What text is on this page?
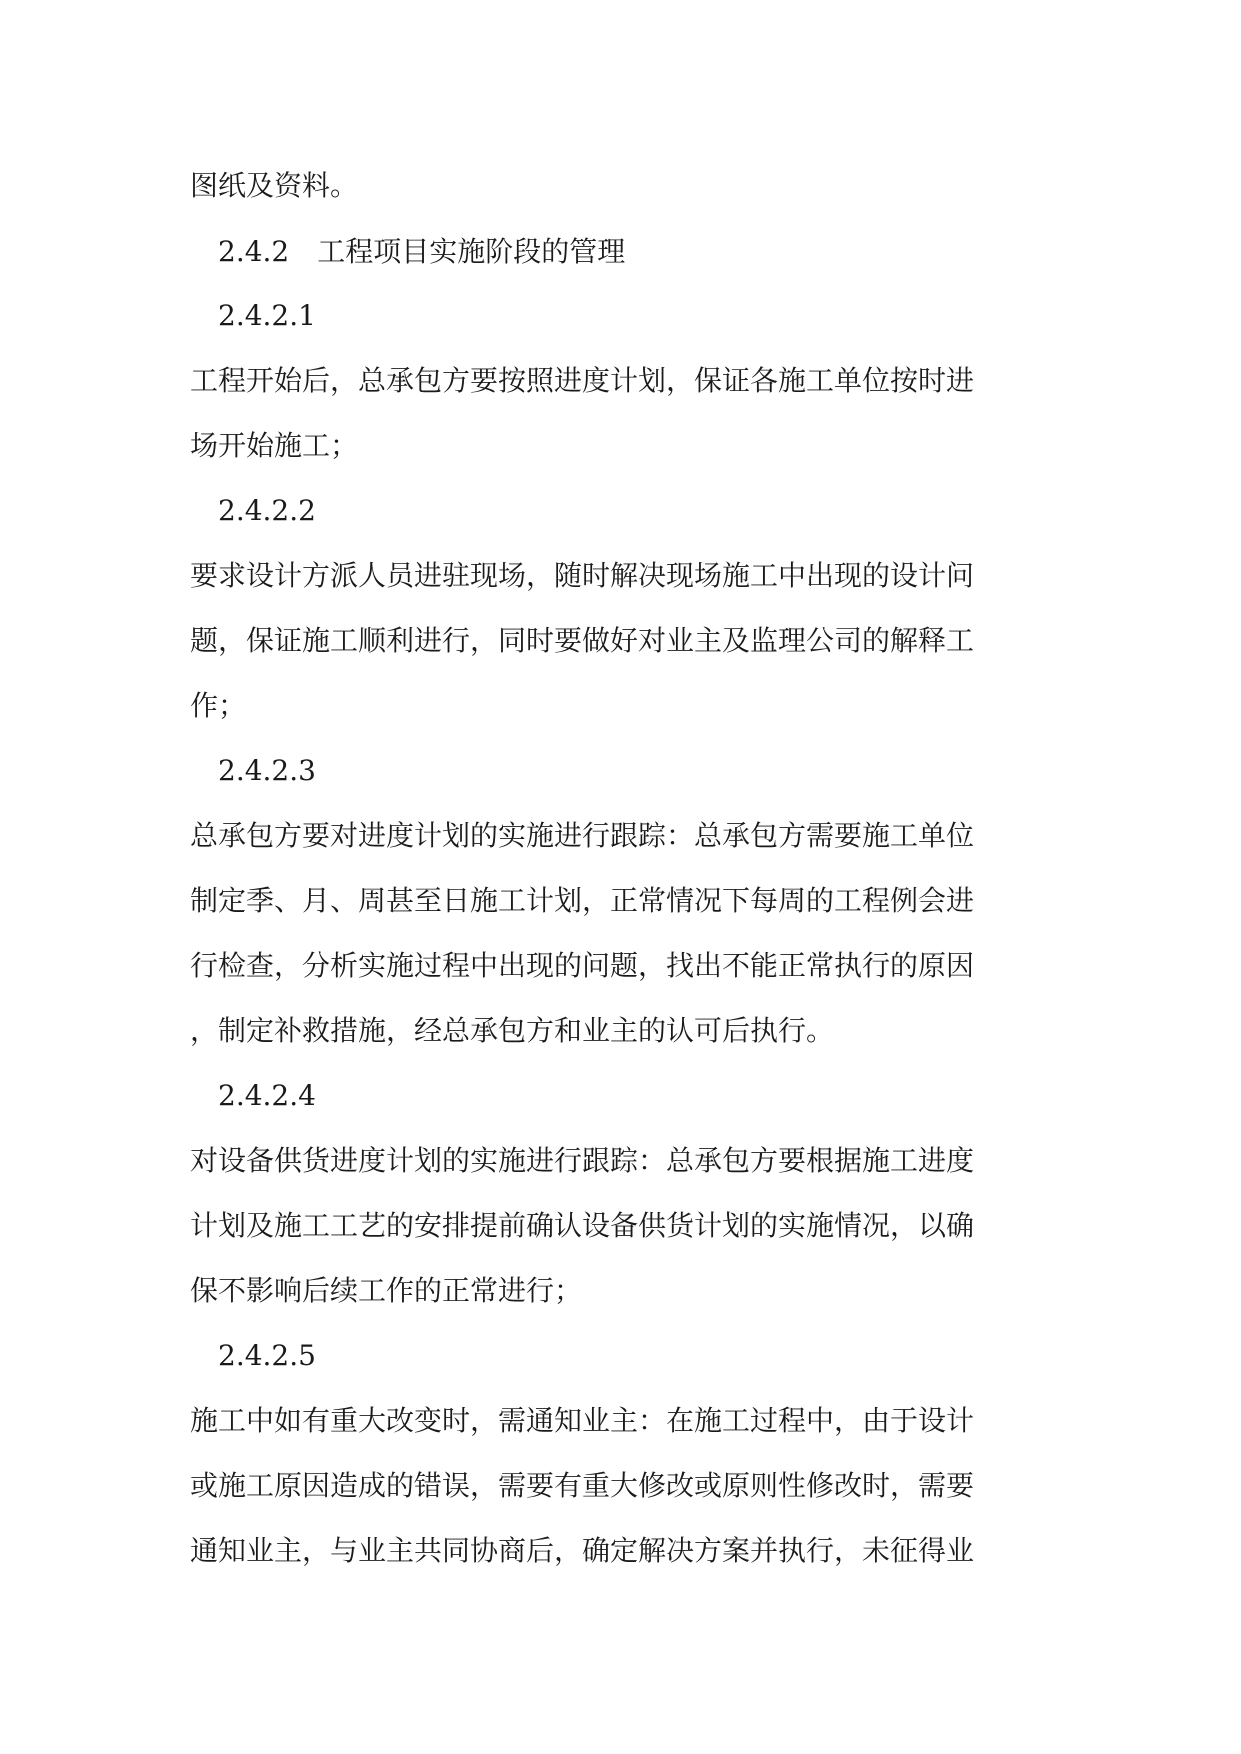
图纸及资料。
2.4.2　工程项目实施阶段的管理
2.4.2.1
工程开始后，总承包方要按照进度计划，保证各施工单位按时进
场开始施工；
2.4.2.2
要求设计方派人员进驻现场，随时解决现场施工中出现的设计问
题，保证施工顺利进行，同时要做好对业主及监理公司的解释工
作；
2.4.2.3
总承包方要对进度计划的实施进行跟踪：总承包方需要施工单位
制定季、月、周甚至日施工计划，正常情况下每周的工程例会进
行检查，分析实施过程中出现的问题，找出不能正常执行的原因
，制定补救措施，经总承包方和业主的认可后执行。
2.4.2.4
对设备供货进度计划的实施进行跟踪：总承包方要根据施工进度
计划及施工工艺的安排提前确认设备供货计划的实施情况，以确
保不影响后续工作的正常进行；
2.4.2.5
施工中如有重大改变时，需通知业主：在施工过程中，由于设计
或施工原因造成的错误，需要有重大修改或原则性修改时，需要
通知业主，与业主共同协商后，确定解决方案并执行，未征得业
